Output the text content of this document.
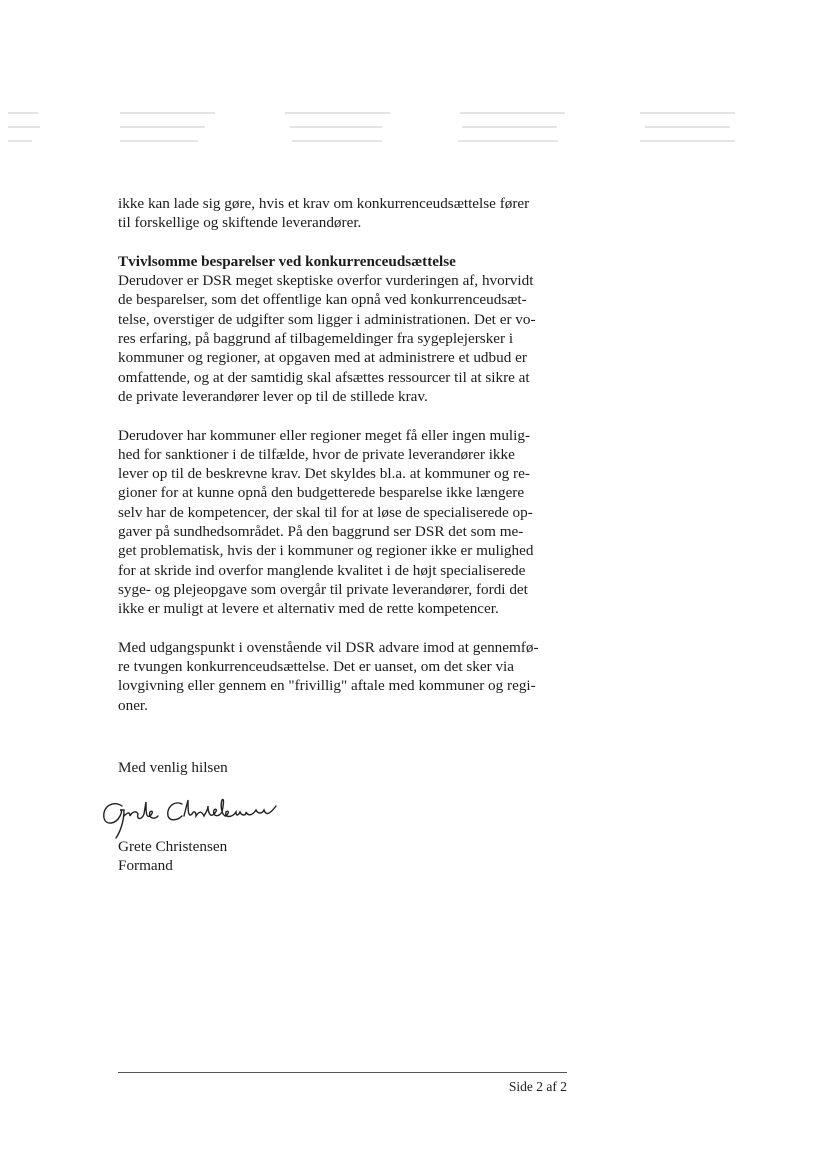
ikke kan lade sig gøre, hvis et krav om konkurrenceudsættelse fører
til forskellige og skiftende leverandører.

Tvivlsomme besparelser ved konkurrenceudsættelse
Derudover er DSR meget skeptiske overfor vurderingen af, hvorvidt
de besparelser, som det offentlige kan opnå ved konkurrenceudsæt-
telse, overstiger de udgifter som ligger i administrationen. Det er vo-
res erfaring, på baggrund af tilbagemeldinger fra sygeplejersker i
kommuner og regioner, at opgaven med at administrere et udbud er
omfattende, og at der samtidig skal afsættes ressourcer til at sikre at
de private leverandører lever op til de stillede krav.

Derudover har kommuner eller regioner meget få eller ingen mulig-
hed for sanktioner i de tilfælde, hvor de private leverandører ikke
lever op til de beskrevne krav. Det skyldes bl.a. at kommuner og re-
gioner for at kunne opnå den budgetterede besparelse ikke længere
selv har de kompetencer, der skal til for at løse de specialiserede op-
gaver på sundhedsområdet. På den baggrund ser DSR det som me-
get problematisk, hvis der i kommuner og regioner ikke er mulighed
for at skride ind overfor manglende kvalitet i de højt specialiserede
syge- og plejeopgave som overgår til private leverandører, fordi det
ikke er muligt at levere et alternativ med de rette kompetencer.

Med udgangspunkt i ovenstående vil DSR advare imod at gennemfø-
re tvungen konkurrenceudsættelse. Det er uanset, om det sker via
lovgivning eller gennem en "frivillig" aftale med kommuner og regi-
oner.

Med venlig hilsen
Grete Christensen
Formand
Side 2 af 2
